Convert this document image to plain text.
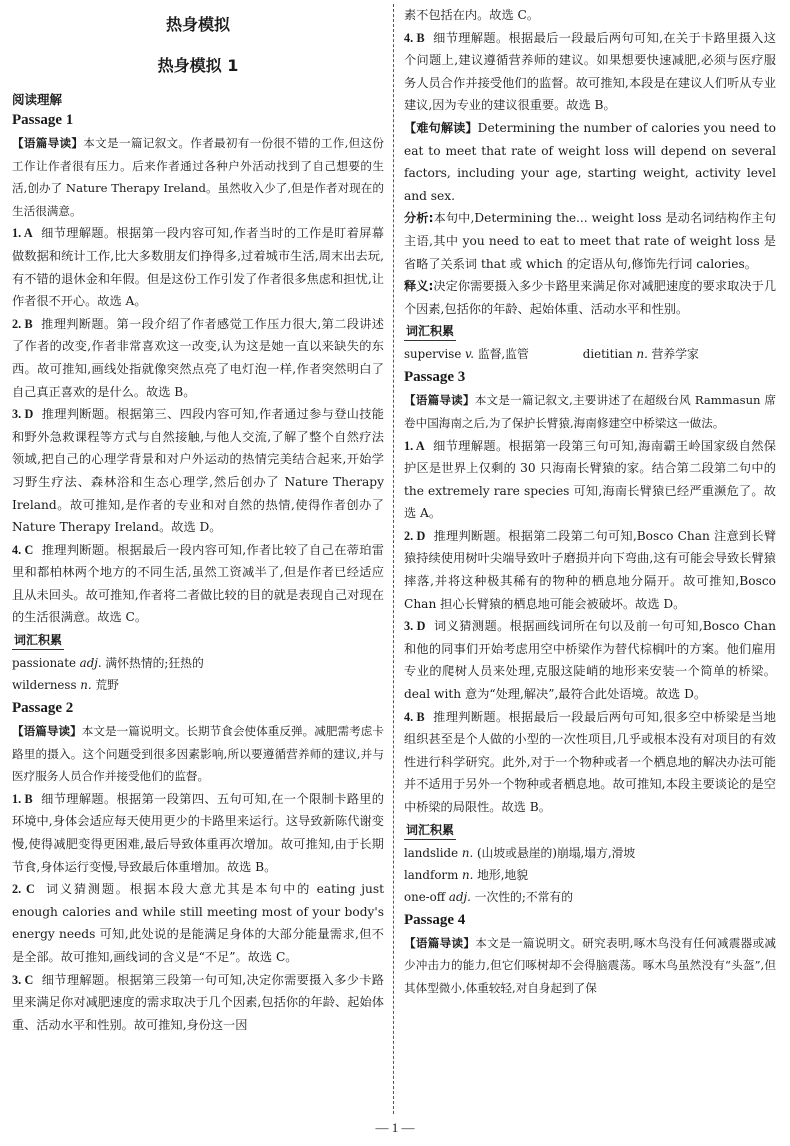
热身模拟
热身模拟 1
阅读理解
Passage 1

【语篇导读】本文是一篇记叙文。作者最初有一份很不错的工作,但这份工作让作者很有压力。后来作者通过各种户外活动找到了自己想要的生活,创办了 Nature Therapy Ireland。虽然收入少了,但是作者对现在的生活很满意。

1. A 细节理解题。根据第一段内容可知,作者当时的工作是盯着屏幕做数据和统计工作,比大多数朋友们挣得多,过着城市生活,周末出去玩,有不错的退休金和年假。但是这份工作引发了作者很多焦虑和担忧,让作者很不开心。故选 A。

2. B 推理判断题。第一段介绍了作者感觉工作压力很大,第二段讲述了作者的改变,作者非常喜欢这一改变,认为这是她一直以来缺失的东西。故可推知,画线处指就像突然点亮了电灯泡一样,作者突然明白了自己真正喜欢的是什么。故选 B。

3. D 推理判断题。根据第三、四段内容可知,作者通过参与登山技能和野外急救课程等方式与自然接触,与他人交流,了解了整个自然疗法领域,把自己的心理学背景和对户外运动的热情完美结合起来,开始学习野生疗法、森林浴和生态心理学,然后创办了 Nature Therapy Ireland。故可推知,是作者的专业和对自然的热情,使得作者创办了 Nature Therapy Ireland。故选 D。

4. C 推理判断题。根据最后一段内容可知,作者比较了自己在蒂珀雷里和都柏林两个地方的不同生活,虽然工资减半了,但是作者已经适应且从未回头。故可推知,作者将二者做比较的目的就是表现自己对现在的生活很满意。故选 C。

词汇积累
passionate adj. 满怀热情的;狂热的
wilderness n. 荒野
Passage 2

【语篇导读】本文是一篇说明文。长期节食会使体重反弹。减肥需考虑卡路里的摄入。这个问题受到很多因素影响,所以要遵循营养师的建议,并与医疗服务人员合作并接受他们的监督。

1. B 细节理解题。根据第一段第四、五句可知,在一个限制卡路里的环境中,身体会适应每天使用更少的卡路里来运行。这导致新陈代谢变慢,使得减肥变得更困难,最后导致体重再次增加。故可推知,由于长期节食,身体运行变慢,导致最后体重增加。故选 B。

2. C 词义猜测题。根据本段大意尤其是本句中的 eating just enough calories and while still meeting most of your body's energy needs 可知,此处说的是能满足身体的大部分能量需求,但不是全部。故可推知,画线词的含义是“不足”。故选 C。

3. C 细节理解题。根据第三段第一句可知,决定你需要摄入多少卡路里来满足你对减肥速度的需求取决于几个因素,包括你的年龄、起始体重、活动水平和性别。故可推知,身份这一因

素不包括在内。故选 C。

4. B 细节理解题。根据最后一段最后两句可知,在关于卡路里摄入这个问题上,建议遵循营养师的建议。如果想要快速减肥,必须与医疗服务人员合作并接受他们的监督。故可推知,本段是在建议人们听从专业建议,因为专业的建议很重要。故选 B。

【难句解读】Determining the number of calories you need to eat to meet that rate of weight loss will depend on several factors, including your age, starting weight, activity level and sex.

分析:本句中,Determining the... weight loss 是动名词结构作主句主语,其中 you need to eat to meet that rate of weight loss 是省略了关系词 that 或 which 的定语从句,修饰先行词 calories。

释义:决定你需要摄入多少卡路里来满足你对减肥速度的要求取决于几个因素,包括你的年龄、起始体重、活动水平和性别。

词汇积累
supervise v. 监督,监管	dietitian n. 营养学家
Passage 3

【语篇导读】本文是一篇记叙文,主要讲述了在超级台风 Rammasun 席卷中国海南之后,为了保护长臂猿,海南修建空中桥梁这一做法。

1. A 细节理解题。根据第一段第三句可知,海南霸王岭国家级自然保护区是世界上仅剩的 30 只海南长臂猿的家。结合第二段第二句中的 the extremely rare species 可知,海南长臂猿已经严重濒危了。故选 A。

2. D 推理判断题。根据第二段第二句可知,Bosco Chan 注意到长臂猿持续使用树叶尖端导致叶子磨损并向下弯曲,这有可能会导致长臂猿摔落,并将这种极其稀有的物种的栖息地分隔开。故可推知,Bosco Chan 担心长臂猿的栖息地可能会被破坏。故选 D。

3. D 词义猜测题。根据画线词所在句以及前一句可知,Bosco Chan 和他的同事们开始考虑用空中桥梁作为替代棕榈叶的方案。他们雇用专业的爬树人员来处理,克服这陡峭的地形来安装一个简单的桥梁。deal with 意为“处理,解决”,最符合此处语境。故选 D。

4. B 推理判断题。根据最后一段最后两句可知,很多空中桥梁是当地组织甚至是个人做的小型的一次性项目,几乎或根本没有对项目的有效性进行科学研究。此外,对于一个物种或者一个栖息地的解决办法可能并不适用于另外一个物种或者栖息地。故可推知,本段主要谈论的是空中桥梁的局限性。故选 B。

词汇积累
landslide n. (山坡或悬崖的)崩塌,塌方,滑坡
landform n. 地形,地貌
one-off adj. 一次性的;不常有的
Passage 4

【语篇导读】本文是一篇说明文。研究表明,啄木鸟没有任何减震器或减少冲击力的能力,但它们啄树却不会得脑震荡。啄木鸟虽然没有“头盔”,但其体型微小,体重较轻,对自身起到了保

— 1 —
